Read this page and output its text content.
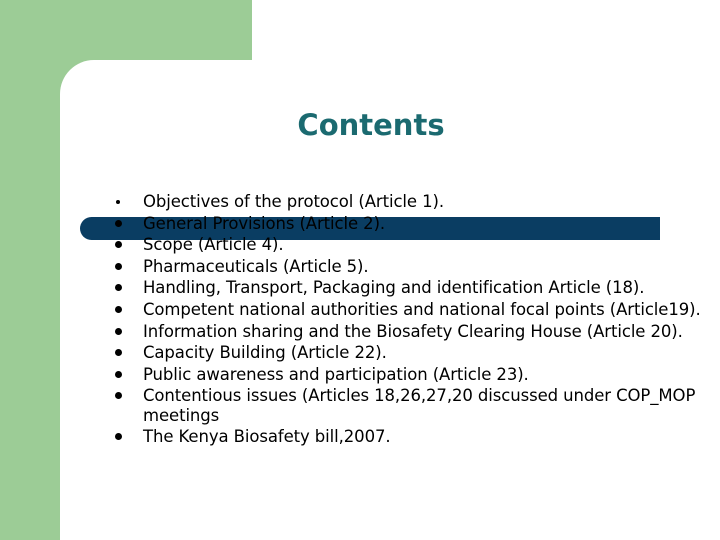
Contents
Objectives of the protocol (Article 1).
General Provisions (Article 2).
Scope (Article 4).
Pharmaceuticals (Article 5).
Handling, Transport, Packaging and identification Article (18).
Competent national authorities and national focal points (Article19).
Information sharing and the Biosafety Clearing House (Article 20).
Capacity Building (Article 22).
Public awareness and participation (Article 23).
Contentious issues (Articles 18,26,27,20 discussed under COP_MOP meetings
The Kenya Biosafety bill,2007.
